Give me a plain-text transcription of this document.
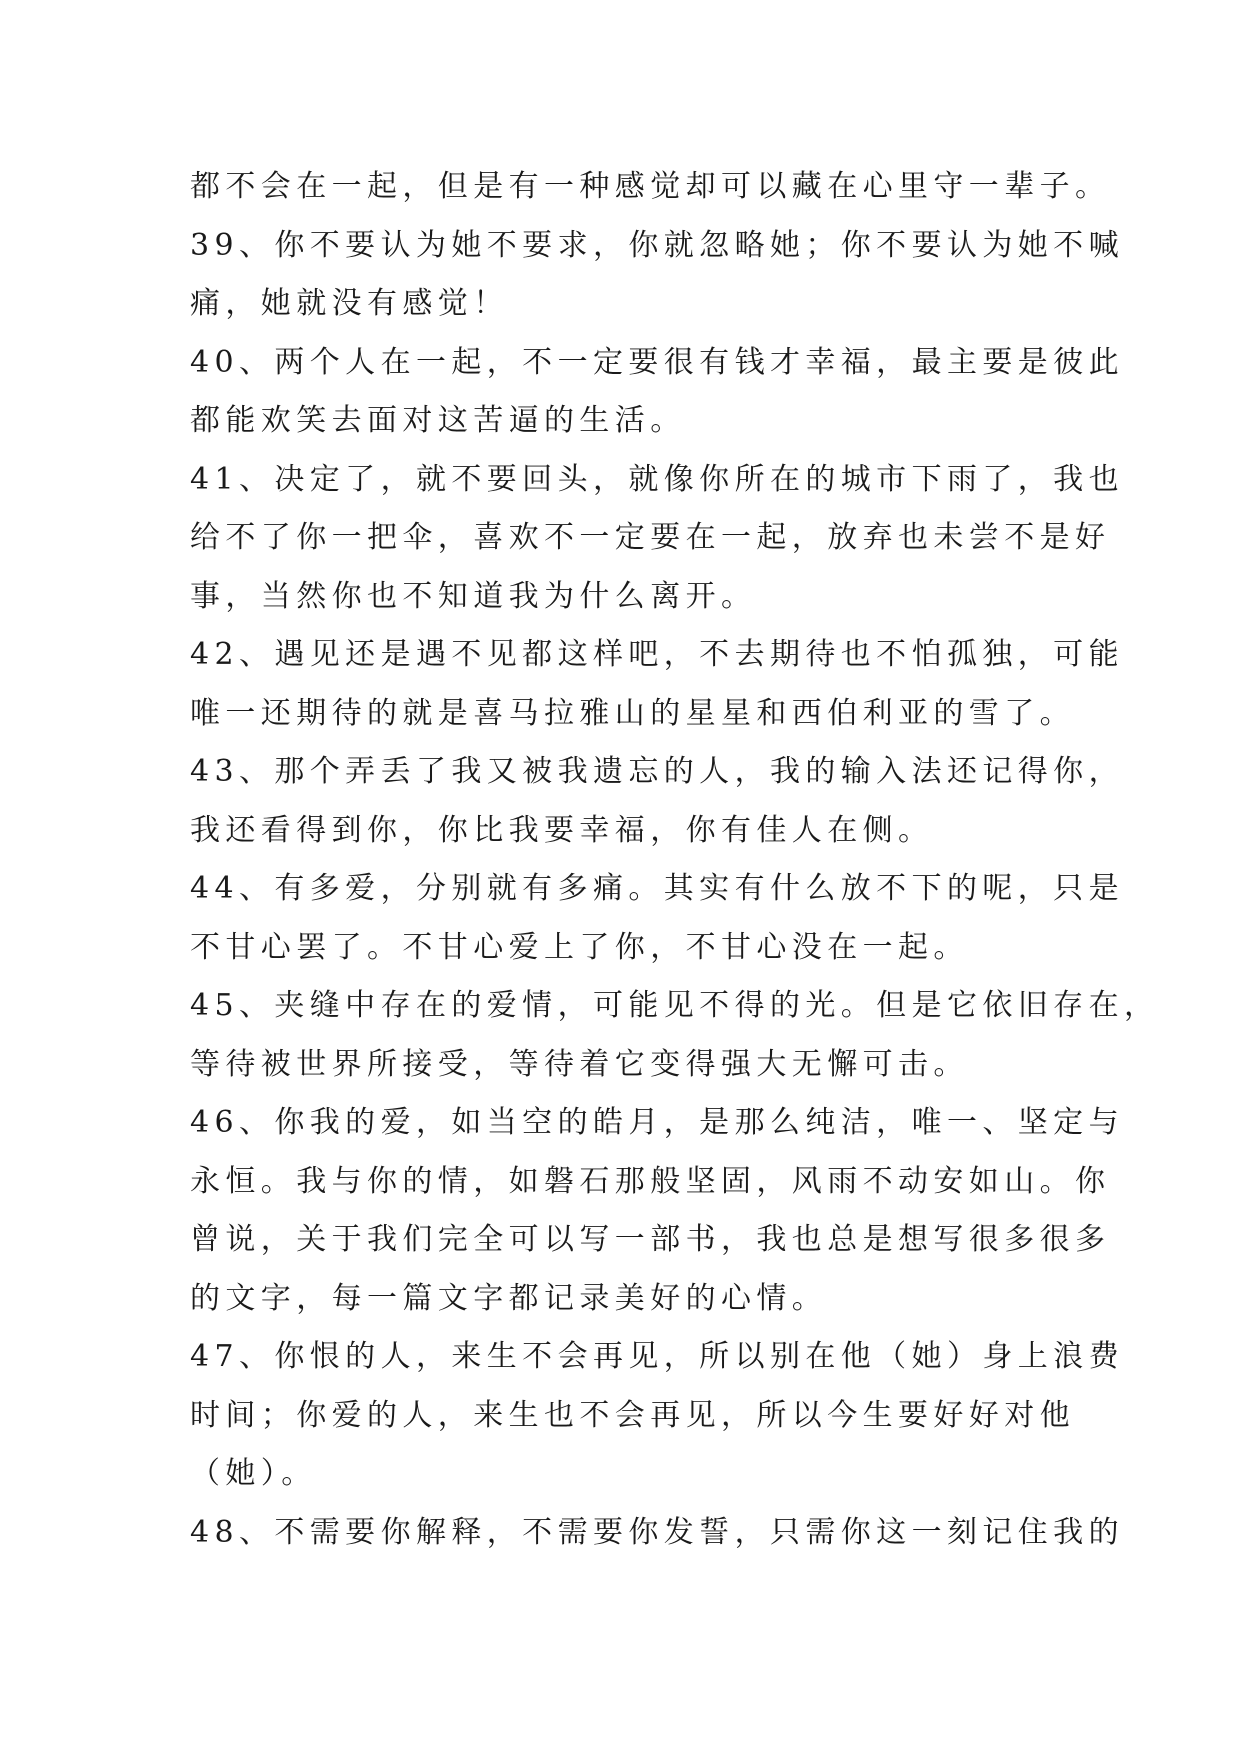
都不会在一起，但是有一种感觉却可以藏在心里守一辈子。
39、你不要认为她不要求，你就忽略她；你不要认为她不喊
痛，她就没有感觉！
40、两个人在一起，不一定要很有钱才幸福，最主要是彼此
都能欢笑去面对这苦逼的生活。
41、决定了，就不要回头，就像你所在的城市下雨了，我也
给不了你一把伞，喜欢不一定要在一起，放弃也未尝不是好
事，当然你也不知道我为什么离开。
42、遇见还是遇不见都这样吧，不去期待也不怕孤独，可能
唯一还期待的就是喜马拉雅山的星星和西伯利亚的雪了。
43、那个弄丢了我又被我遗忘的人，我的输入法还记得你，
我还看得到你，你比我要幸福，你有佳人在侧。
44、有多爱，分别就有多痛。其实有什么放不下的呢，只是
不甘心罢了。不甘心爱上了你，不甘心没在一起。
45、夹缝中存在的爱情，可能见不得的光。但是它依旧存在，
等待被世界所接受，等待着它变得强大无懈可击。
46、你我的爱，如当空的皓月，是那么纯洁，唯一、坚定与
永恒。我与你的情，如磐石那般坚固，风雨不动安如山。你
曾说，关于我们完全可以写一部书，我也总是想写很多很多
的文字，每一篇文字都记录美好的心情。
47、你恨的人，来生不会再见，所以别在他（她）身上浪费
时间；你爱的人，来生也不会再见，所以今生要好好对他
（她）。
48、不需要你解释，不需要你发誓，只需你这一刻记住我的
